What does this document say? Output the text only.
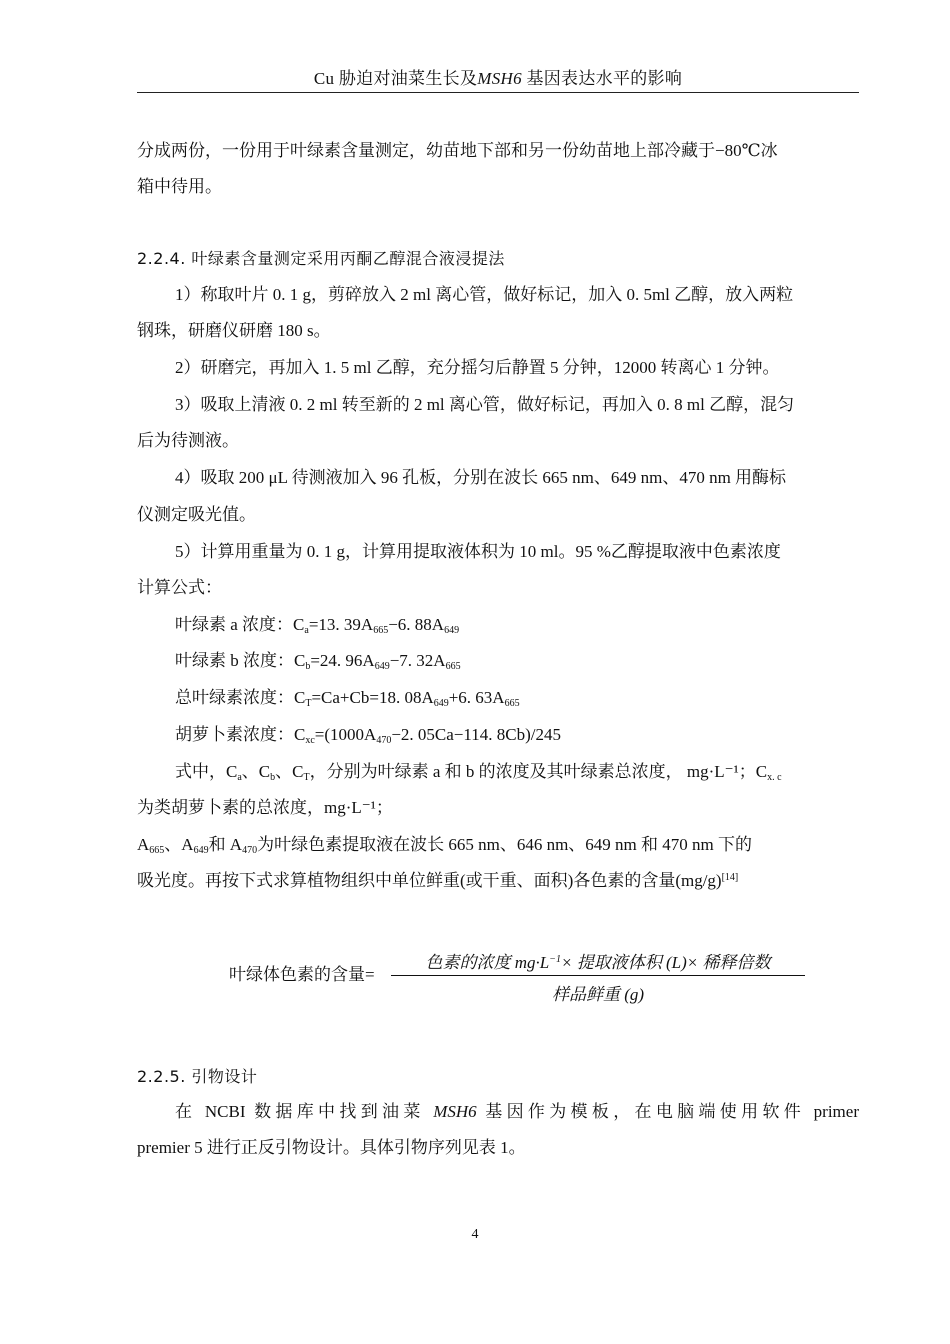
Cu 胁迫对油菜生长及MSH6 基因表达水平的影响
分成两份，一份用于叶绿素含量测定，幼苗地下部和另一份幼苗地上部冷藏于−80℃冰
箱中待用。
2.2.4. 叶绿素含量测定采用丙酮乙醇混合液浸提法
1）称取叶片 0. 1 g，剪碎放入 2 ml 离心管，做好标记，加入 0. 5ml 乙醇，放入两粒
钢珠，研磨仪研磨 180 s。
2）研磨完，再加入 1. 5 ml 乙醇，充分摇匀后静置 5 分钟，12000 转离心 1 分钟。
3）吸取上清液 0. 2 ml 转至新的 2 ml 离心管，做好标记，再加入 0. 8 ml 乙醇，混匀
后为待测液。
4）吸取 200 μL 待测液加入 96 孔板，分别在波长 665 nm、649 nm、470 nm 用酶标
仪测定吸光值。
5）计算用重量为 0. 1 g，计算用提取液体积为 10 ml。95 %乙醇提取液中色素浓度
计算公式：
叶绿素 a 浓度：$C_a=13$. $39A_{665}-6$. $88A_{649}$
叶绿素 b 浓度：$C_b=24$. $96A_{649}-7$. $32A_{665}$
总叶绿素浓度：$C_T=Ca+Cb=18$. $08A_{649}+6$. $63A_{665}$
胡萝卜素浓度：$C_{xc}=(1000A_{470}-2$. 05Ca−114. 8Cb)/245
式中，$C_a$、$C_b$、$C_T$，分别为叶绿素 a 和 b 的浓度及其叶绿素总浓度， mg·L⁻¹；$C_{x. c}$
为类胡萝卜素的总浓度，mg·L⁻¹；
$A_{665}$、$A_{649}$和 $A_{470}$为叶绿色素提取液在波长 665 nm、646 nm、649 nm 和 470 nm 下的
吸光度。再按下式求算植物组织中单位鲜重(或干重、面积)各色素的含量(mg/g)[14]
叶绿体色素的含量=
色素的浓度 $mg\cdot L^{-1}\times$ 提取液体积 (L)× 稀释倍数
样品鲜重 (g)
2.2.5. 引物设计
在 NCBI 数据库中找到油菜 MSH6 基因作为模板，在电脑端使用软件 primer
premier 5 进行正反引物设计。具体引物序列见表 1。
4
